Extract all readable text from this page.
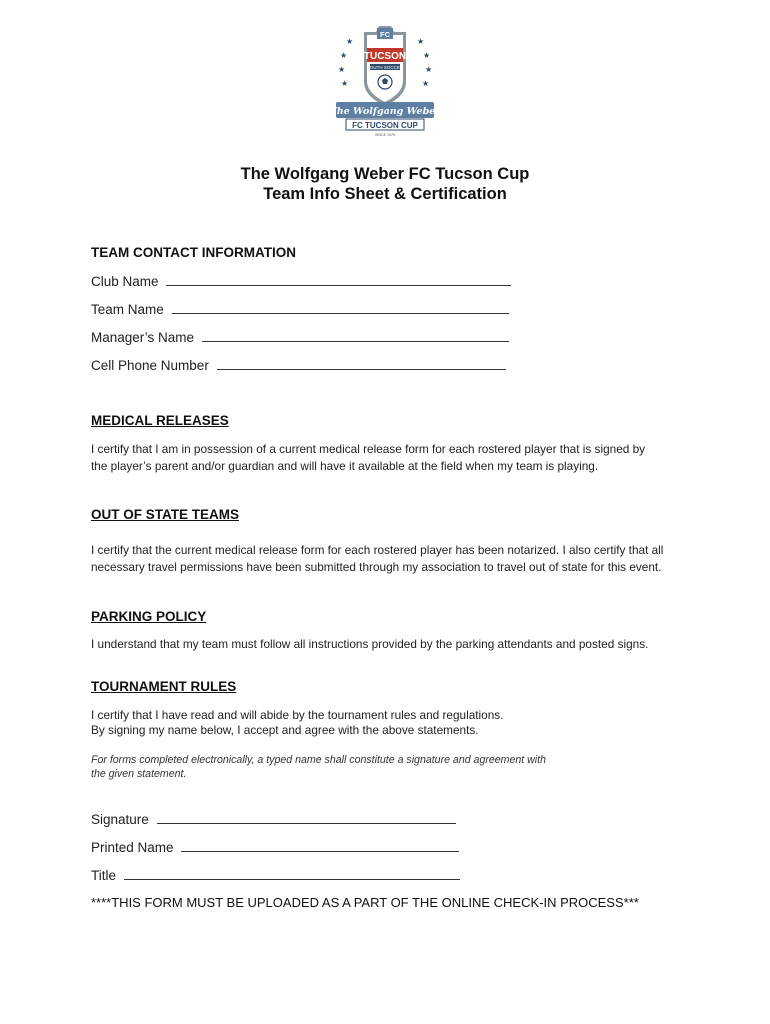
★
★
★
★
★
★
★
★
FC
TUCSON
YOUTH SOCCER
The Wolfgang Weber
FC TUCSON CUP
SINCE 1979
The Wolfgang Weber FC Tucson Cup
Team Info Sheet & Certification
TEAM CONTACT INFORMATION
Club Name
Team Name
Manager’s Name
Cell Phone Number
MEDICAL RELEASES
I certify that I am in possession of a current medical release form for each rostered player that is signed by the player’s parent and/or guardian and will have it available at the field when my team is playing.
OUT OF STATE TEAMS
I certify that the current medical release form for each rostered player has been notarized. I also certify that all necessary travel permissions have been submitted through my association to travel out of state for this event.
PARKING POLICY
I understand that my team must follow all instructions provided by the parking attendants and posted signs.
TOURNAMENT RULES
I certify that I have read and will abide by the tournament rules and regulations.
By signing my name below, I accept and agree with the above statements.
For forms completed electronically, a typed name shall constitute a signature and agreement with the given statement.
Signature
Printed Name
Title
****THIS FORM MUST BE UPLOADED AS A PART OF THE ONLINE CHECK-IN PROCESS***
